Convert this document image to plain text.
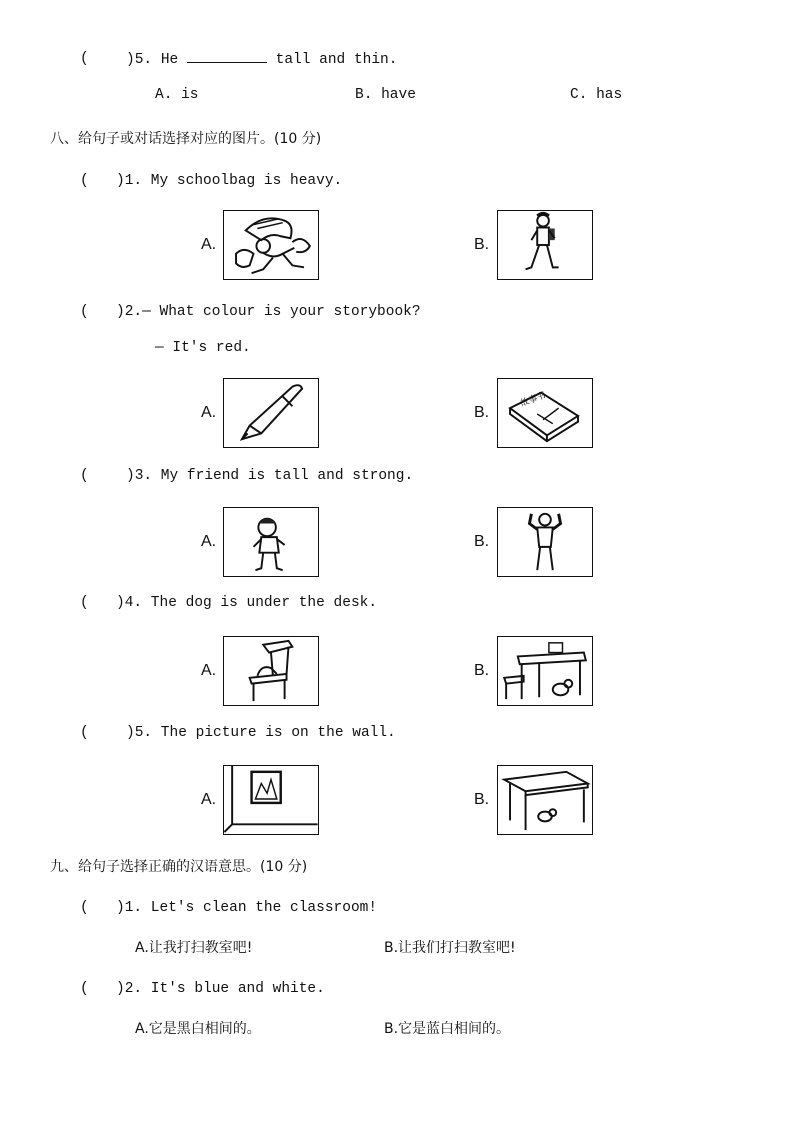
(	)5. He	tall and thin.
A. is	B. have	C. has
八、给句子或对话选择对应的图片。(10 分)
( )1. My schoolbag is heavy.
A.	B.
( )2.— What colour is your storybook?
— It's red.
A.	B.
故事书
(	)3. My friend is tall and strong.
A.	B.
( )4. The dog is under the desk.
A.	B.
(	)5. The picture is on the wall.
A.	B.
九、给句子选择正确的汉语意思。(10 分)
( )1. Let's clean the classroom!
A.让我打扫教室吧!	B.让我们打扫教室吧!
( )2. It's blue and white.
A.它是黑白相间的。	B.它是蓝白相间的。
